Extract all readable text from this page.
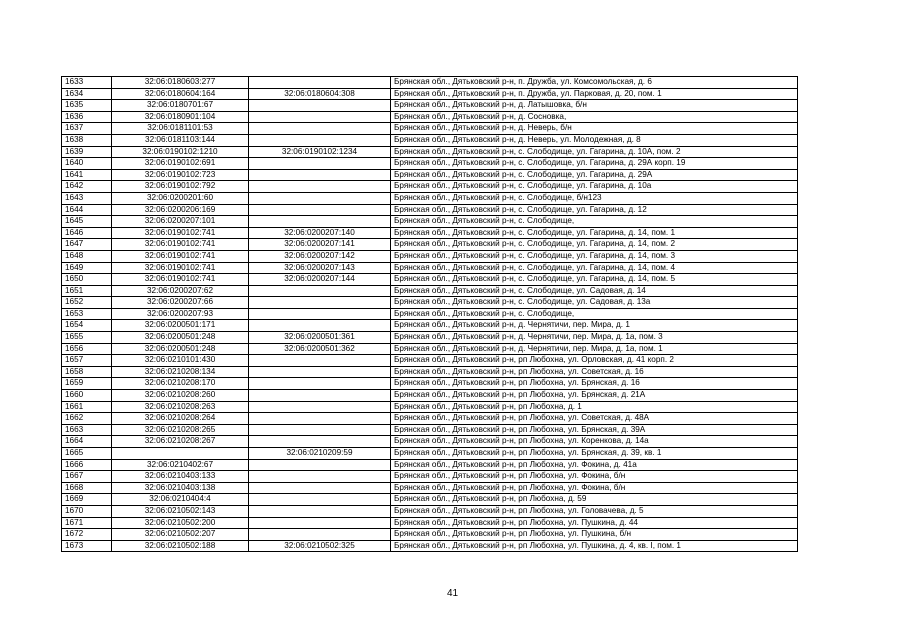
1633	32:06:0180603:277		Брянская обл., Дятьковский р-н, п. Дружба, ул. Комсомольская, д. 6
1634	32:06:0180604:164	32:06:0180604:308	Брянская обл., Дятьковский р-н, п. Дружба, ул. Парковая, д. 20, пом. 1
1635	32:06:0180701:67		Брянская обл., Дятьковский р-н, д. Латышовка, б/н
1636	32:06:0180901:104		Брянская обл., Дятьковский р-н, д. Сосновка,
1637	32:06:0181101:53		Брянская обл., Дятьковский р-н, д. Неверь, б/н
1638	32:06:0181103:144		Брянская обл., Дятьковский р-н, д. Неверь, ул. Молодежная, д. 8
1639	32:06:0190102:1210	32:06:0190102:1234	Брянская обл., Дятьковский р-н, с. Слободище, ул. Гагарина, д. 10А, пом. 2
1640	32:06:0190102:691		Брянская обл., Дятьковский р-н, с. Слободище, ул. Гагарина, д. 29А корп. 19
1641	32:06:0190102:723		Брянская обл., Дятьковский р-н, с. Слободище, ул. Гагарина, д. 29А
1642	32:06:0190102:792		Брянская обл., Дятьковский р-н, с. Слободище, ул. Гагарина, д. 10а
1643	32:06:0200201:60		Брянская обл., Дятьковский р-н, с. Слободище, б/н123
1644	32:06:0200206:169		Брянская обл., Дятьковский р-н, с. Слободище, ул. Гагарина, д. 12
1645	32:06:0200207:101		Брянская обл., Дятьковский р-н, с. Слободище,
1646	32:06:0190102:741	32:06:0200207:140	Брянская обл., Дятьковский р-н, с. Слободище, ул. Гагарина, д. 14, пом. 1
1647	32:06:0190102:741	32:06:0200207:141	Брянская обл., Дятьковский р-н, с. Слободище, ул. Гагарина, д. 14, пом. 2
1648	32:06:0190102:741	32:06:0200207:142	Брянская обл., Дятьковский р-н, с. Слободище, ул. Гагарина, д. 14, пом. 3
1649	32:06:0190102:741	32:06:0200207:143	Брянская обл., Дятьковский р-н, с. Слободище, ул. Гагарина, д. 14, пом. 4
1650	32:06:0190102:741	32:06:0200207:144	Брянская обл., Дятьковский р-н, с. Слободище, ул. Гагарина, д. 14, пом. 5
1651	32:06:0200207:62		Брянская обл., Дятьковский р-н, с. Слободище, ул. Садовая, д. 14
1652	32:06:0200207:66		Брянская обл., Дятьковский р-н, с. Слободище, ул. Садовая, д. 13а
1653	32:06:0200207:93		Брянская обл., Дятьковский р-н, с. Слободище,
1654	32:06:0200501:171		Брянская обл., Дятьковский р-н, д. Чернятичи, пер. Мира, д. 1
1655	32:06:0200501:248	32:06:0200501:361	Брянская обл., Дятьковский р-н, д. Чернятичи, пер. Мира, д. 1а, пом. 3
1656	32:06:0200501:248	32:06:0200501:362	Брянская обл., Дятьковский р-н, д. Чернятичи, пер. Мира, д. 1а, пом. 1
1657	32:06:0210101:430		Брянская обл., Дятьковский р-н, рп Любохна, ул. Орловская, д. 41 корп. 2
1658	32:06:0210208:134		Брянская обл., Дятьковский р-н, рп Любохна, ул. Советская, д. 16
1659	32:06:0210208:170		Брянская обл., Дятьковский р-н, рп Любохна, ул. Брянская, д. 16
1660	32:06:0210208:260		Брянская обл., Дятьковский р-н, рп Любохна, ул. Брянская, д. 21А
1661	32:06:0210208:263		Брянская обл., Дятьковский р-н, рп Любохна, д. 1
1662	32:06:0210208:264		Брянская обл., Дятьковский р-н, рп Любохна, ул. Советская, д. 48А
1663	32:06:0210208:265		Брянская обл., Дятьковский р-н, рп Любохна, ул. Брянская, д. 39А
1664	32:06:0210208:267		Брянская обл., Дятьковский р-н, рп Любохна, ул. Коренкова, д. 14а
1665		32:06:0210209:59	Брянская обл., Дятьковский р-н, рп Любохна, ул. Брянская, д. 39, кв. 1
1666	32:06:0210402:67		Брянская обл., Дятьковский р-н, рп Любохна, ул. Фокина, д. 41а
1667	32:06:0210403:133		Брянская обл., Дятьковский р-н, рп Любохна, ул. Фокина, б/н
1668	32:06:0210403:138		Брянская обл., Дятьковский р-н, рп Любохна, ул. Фокина, б/н
1669	32:06:0210404:4		Брянская обл., Дятьковский р-н, рп Любохна, д. 59
1670	32:06:0210502:143		Брянская обл., Дятьковский р-н, рп Любохна, ул. Головачева, д. 5
1671	32:06:0210502:200		Брянская обл., Дятьковский р-н, рп Любохна, ул. Пушкина, д. 44
1672	32:06:0210502:207		Брянская обл., Дятьковский р-н, рп Любохна, ул. Пушкина, б/н
1673	32:06:0210502:188	32:06:0210502:325	Брянская обл., Дятьковский р-н, рп Любохна, ул. Пушкина, д. 4, кв. I, пом. 1
41
